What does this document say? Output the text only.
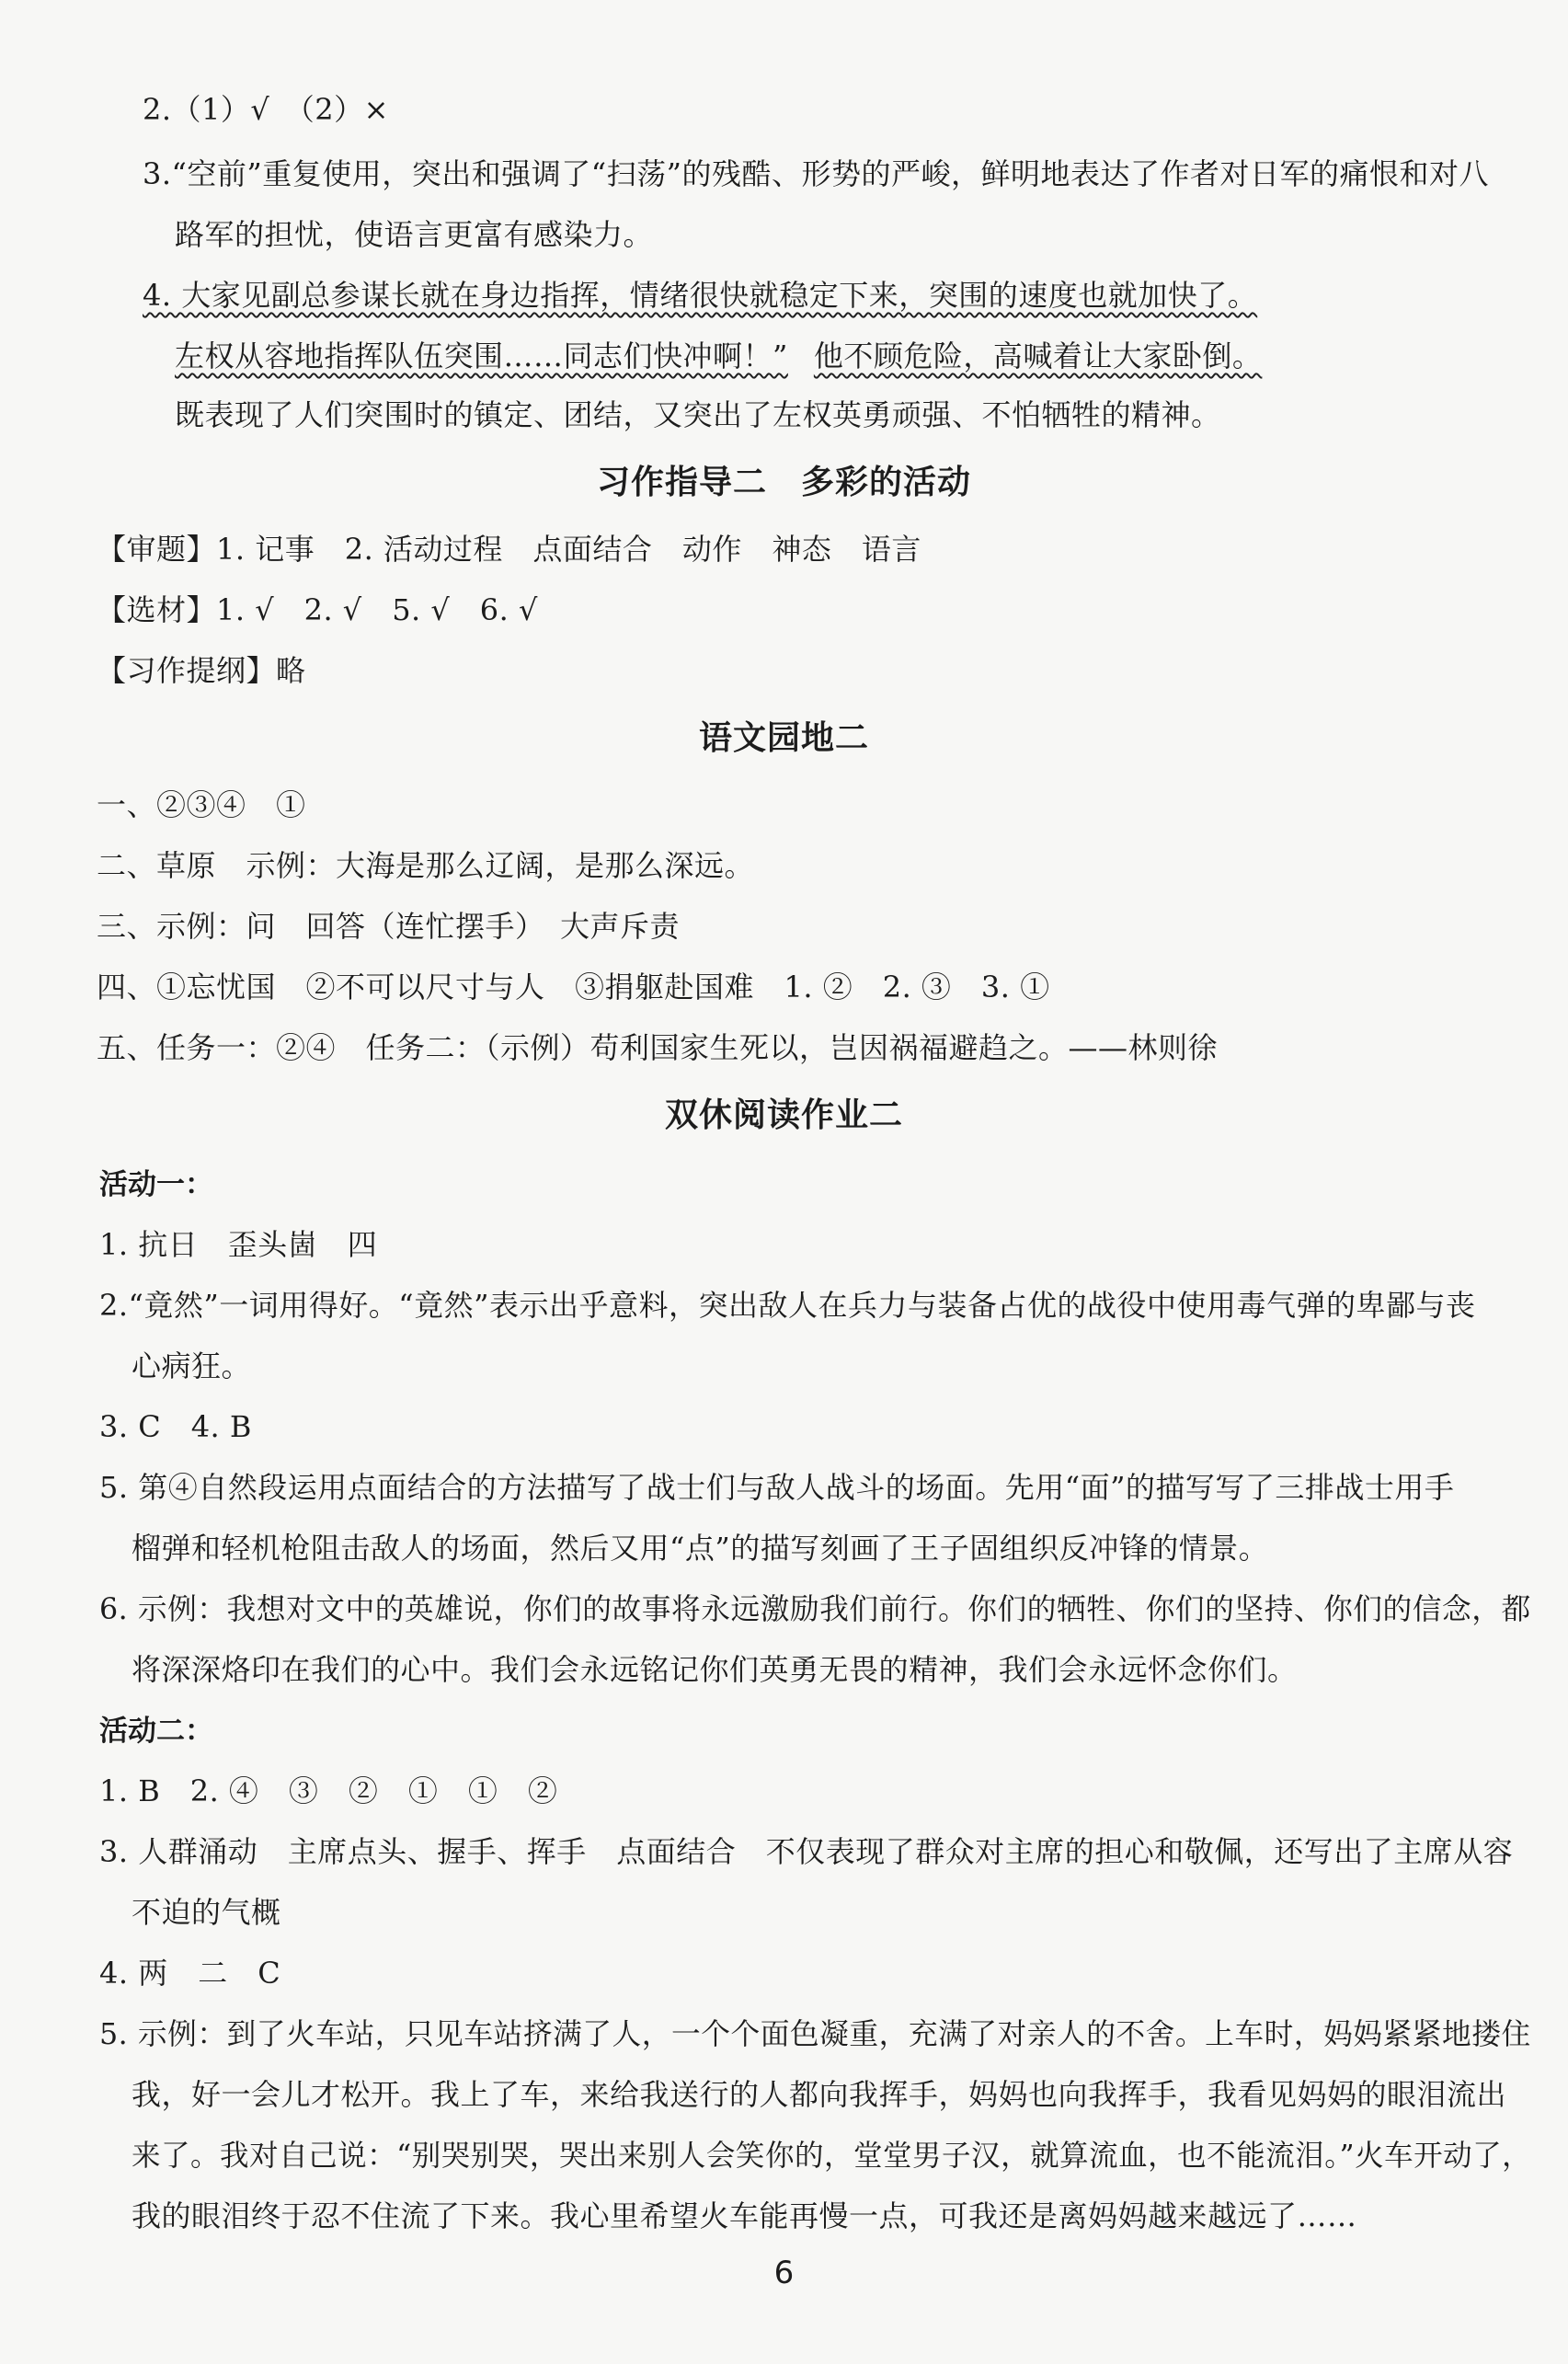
2.（1）√　（2）×
3.“空前”重复使用，突出和强调了“扫荡”的残酷、形势的严峻，鲜明地表达了作者对日军的痛恨和对八
路军的担忧，使语言更富有感染力。
4. 大家见副总参谋长就在身边指挥，情绪很快就稳定下来，突围的速度也就加快了。
左权从容地指挥队伍突围……同志们快冲啊！” 他不顾危险，高喊着让大家卧倒。
既表现了人们突围时的镇定、团结，又突出了左权英勇顽强、不怕牺牲的精神。
习作指导二　多彩的活动
【审题】1. 记事　2. 活动过程　点面结合　动作　神态　语言
【选材】1. √　2. √　5. √　6. √
【习作提纲】略
语文园地二
一、②③④　①
二、草原　示例：大海是那么辽阔，是那么深远。
三、示例：问　回答（连忙摆手）　大声斥责
四、①忘忧国　②不可以尺寸与人　③捐躯赴国难　1. ②　2. ③　3. ①
五、任务一：②④　任务二：（示例）苟利国家生死以，岂因祸福避趋之。——林则徐
双休阅读作业二
活动一：
1. 抗日　歪头崮　四
2.“竟然”一词用得好。“竟然”表示出乎意料，突出敌人在兵力与装备占优的战役中使用毒气弹的卑鄙与丧
心病狂。
3. C　4. B
5. 第④自然段运用点面结合的方法描写了战士们与敌人战斗的场面。先用“面”的描写写了三排战士用手
榴弹和轻机枪阻击敌人的场面，然后又用“点”的描写刻画了王子固组织反冲锋的情景。
6. 示例：我想对文中的英雄说，你们的故事将永远激励我们前行。你们的牺牲、你们的坚持、你们的信念，都
将深深烙印在我们的心中。我们会永远铭记你们英勇无畏的精神，我们会永远怀念你们。
活动二：
1. B　2. ④　③　②　①　①　②
3. 人群涌动　主席点头、握手、挥手　点面结合　不仅表现了群众对主席的担心和敬佩，还写出了主席从容
不迫的气概
4. 两　二　C
5. 示例：到了火车站，只见车站挤满了人，一个个面色凝重，充满了对亲人的不舍。上车时，妈妈紧紧地搂住
我，好一会儿才松开。我上了车，来给我送行的人都向我挥手，妈妈也向我挥手，我看见妈妈的眼泪流出
来了。我对自己说：“别哭别哭，哭出来别人会笑你的，堂堂男子汉，就算流血，也不能流泪。”火车开动了，
我的眼泪终于忍不住流了下来。我心里希望火车能再慢一点，可我还是离妈妈越来越远了……
6
